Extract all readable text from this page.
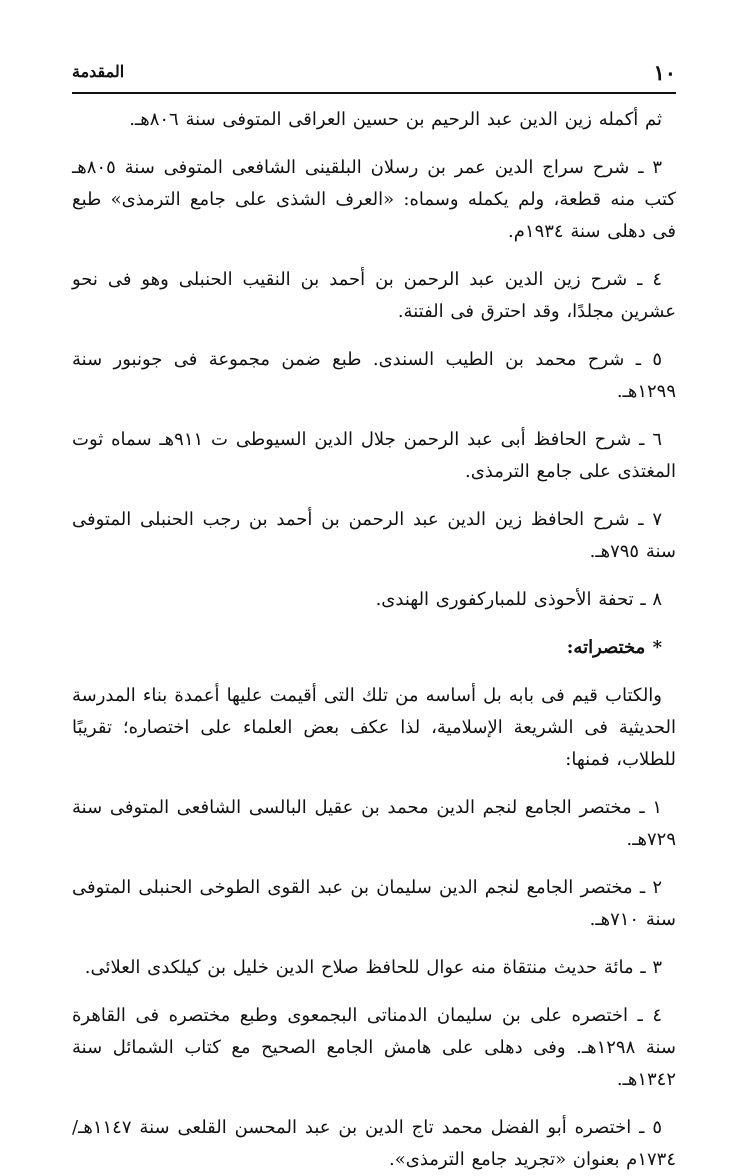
١٠
المقدمة

ثم أكمله زين الدين عبد الرحيم بن حسين العراقى المتوفى سنة ٨٠٦هـ.

٣ ـ شرح سراج الدين عمر بن رسلان البلقينى الشافعى المتوفى سنة ٨٠٥هـ كتب منه قطعة، ولم يكمله وسماه: «العرف الشذى على جامع الترمذى» طبع فى دهلى سنة ١٩٣٤م.

٤ ـ شرح زين الدين عبد الرحمن بن أحمد بن النقيب الحنبلى وهو فى نحو عشرين مجلدًا، وقد احترق فى الفتنة.

٥ ـ شرح محمد بن الطيب السندى. طبع ضمن مجموعة فى جونبور سنة ١٢٩٩هـ.

٦ ـ شرح الحافظ أبى عبد الرحمن جلال الدين السيوطى ت ٩١١هـ سماه ثوت المغتذى على جامع الترمذى.

٧ ـ شرح الحافظ زين الدين عبد الرحمن بن أحمد بن رجب الحنبلى المتوفى سنة ٧٩٥هـ.

٨ ـ تحفة الأحوذى للمباركفورى الهندى.

* مختصراته:

والكتاب قيم فى بابه بل أساسه من تلك التى أقيمت عليها أعمدة بناء المدرسة الحديثية فى الشريعة الإسلامية، لذا عكف بعض العلماء على اختصاره؛ تقريبًا للطلاب، فمنها:

١ ـ مختصر الجامع لنجم الدين محمد بن عقيل البالسى الشافعى المتوفى سنة ٧٢٩هـ.

٢ ـ مختصر الجامع لنجم الدين سليمان بن عبد القوى الطوخى الحنبلى المتوفى سنة ٧١٠هـ.

٣ ـ مائة حديث منتقاة منه عوال للحافظ صلاح الدين خليل بن كيلكدى العلائى.

٤ ـ اختصره على بن سليمان الدمناتى البجمعوى وطبع مختصره فى القاهرة سنة ١٢٩٨هـ. وفى دهلى على هامش الجامع الصحيح مع كتاب الشمائل سنة ١٣٤٢هـ.

٥ ـ اختصره أبو الفضل محمد تاج الدين بن عبد المحسن القلعى سنة ١١٤٧هـ/١٧٣٤م بعنوان «تجريد جامع الترمذى».
